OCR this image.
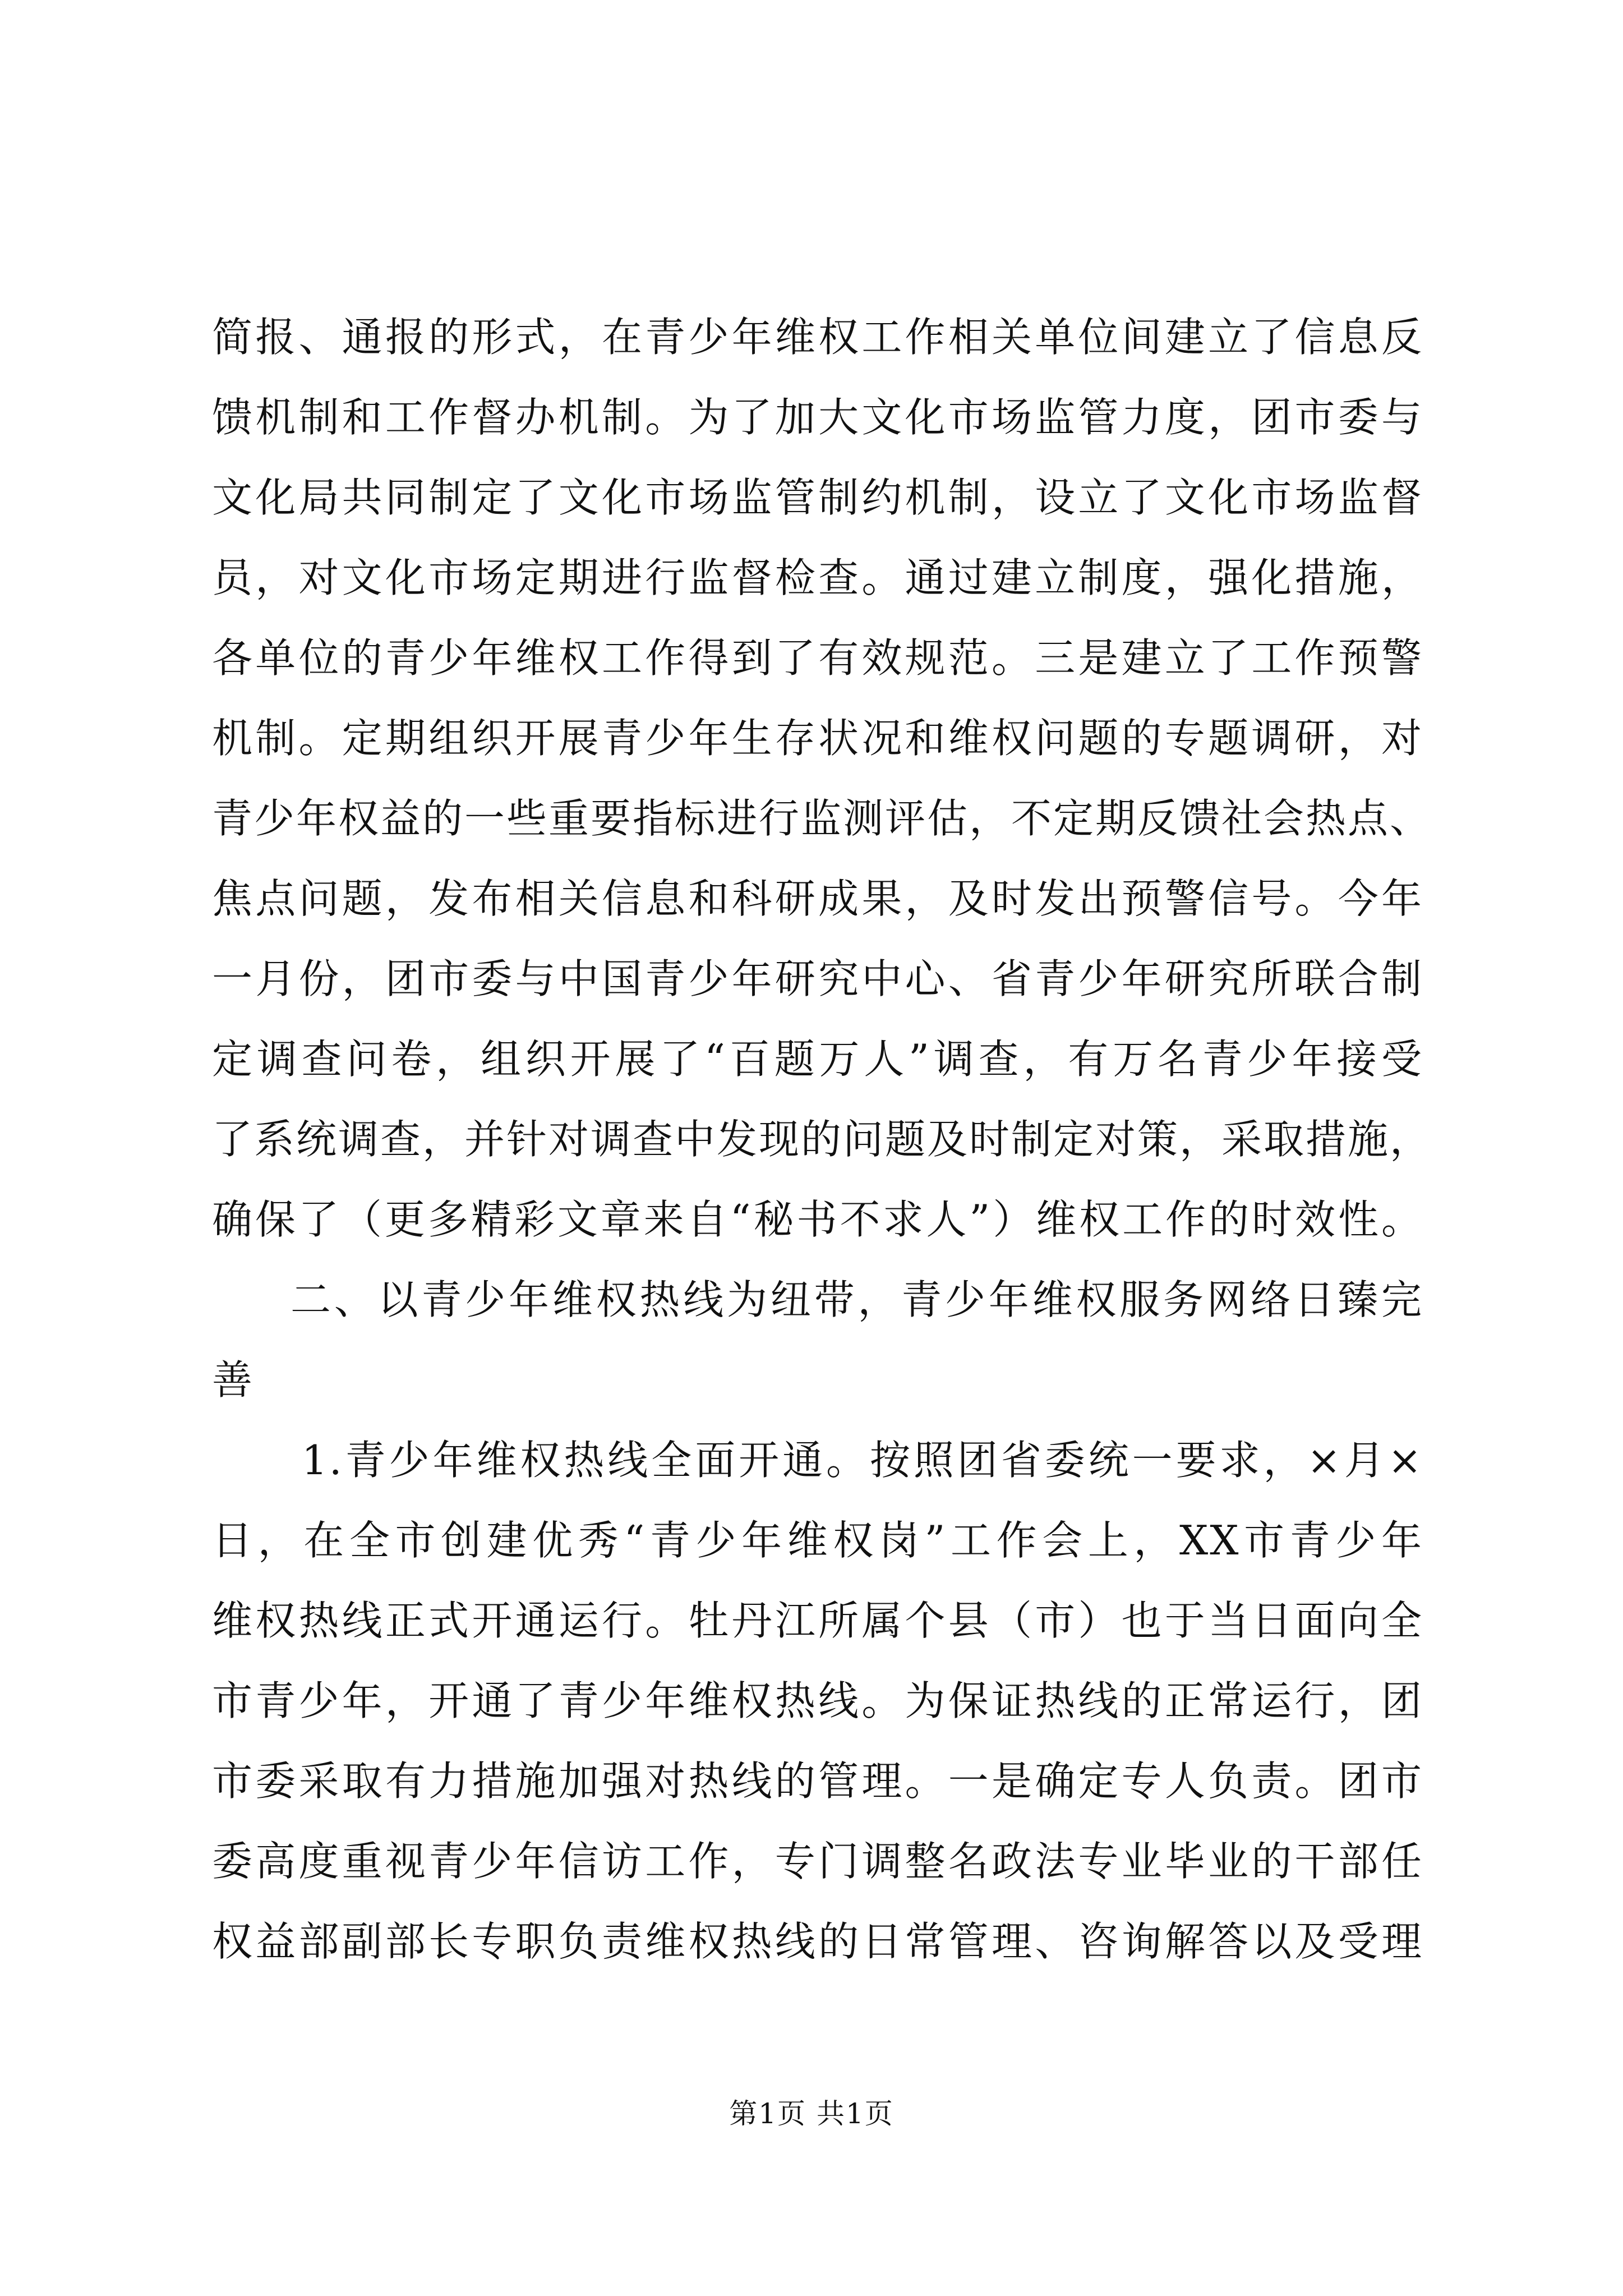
简报、通报的形式，在青少年维权工作相关单位间建立了信息反
馈机制和工作督办机制。为了加大文化市场监管力度，团市委与
文化局共同制定了文化市场监管制约机制，设立了文化市场监督
员，对文化市场定期进行监督检查。通过建立制度，强化措施，
各单位的青少年维权工作得到了有效规范。三是建立了工作预警
机制。定期组织开展青少年生存状况和维权问题的专题调研，对
青少年权益的一些重要指标进行监测评估，不定期反馈社会热点、
焦点问题，发布相关信息和科研成果，及时发出预警信号。今年
一月份，团市委与中国青少年研究中心、省青少年研究所联合制
定调查问卷，组织开展了“百题万人”调查，有万名青少年接受
了系统调查，并针对调查中发现的问题及时制定对策，采取措施，
确保了（更多精彩文章来自“秘书不求人”）维权工作的时效性。
二、以青少年维权热线为纽带，青少年维权服务网络日臻完
善
1.青少年维权热线全面开通。按照团省委统一要求，×月×
日，在全市创建优秀“青少年维权岗”工作会上，XX市青少年
维权热线正式开通运行。牡丹江所属个县（市）也于当日面向全
市青少年，开通了青少年维权热线。为保证热线的正常运行，团
市委采取有力措施加强对热线的管理。一是确定专人负责。团市
委高度重视青少年信访工作，专门调整名政法专业毕业的干部任
权益部副部长专职负责维权热线的日常管理、咨询解答以及受理
第1页 共1页
